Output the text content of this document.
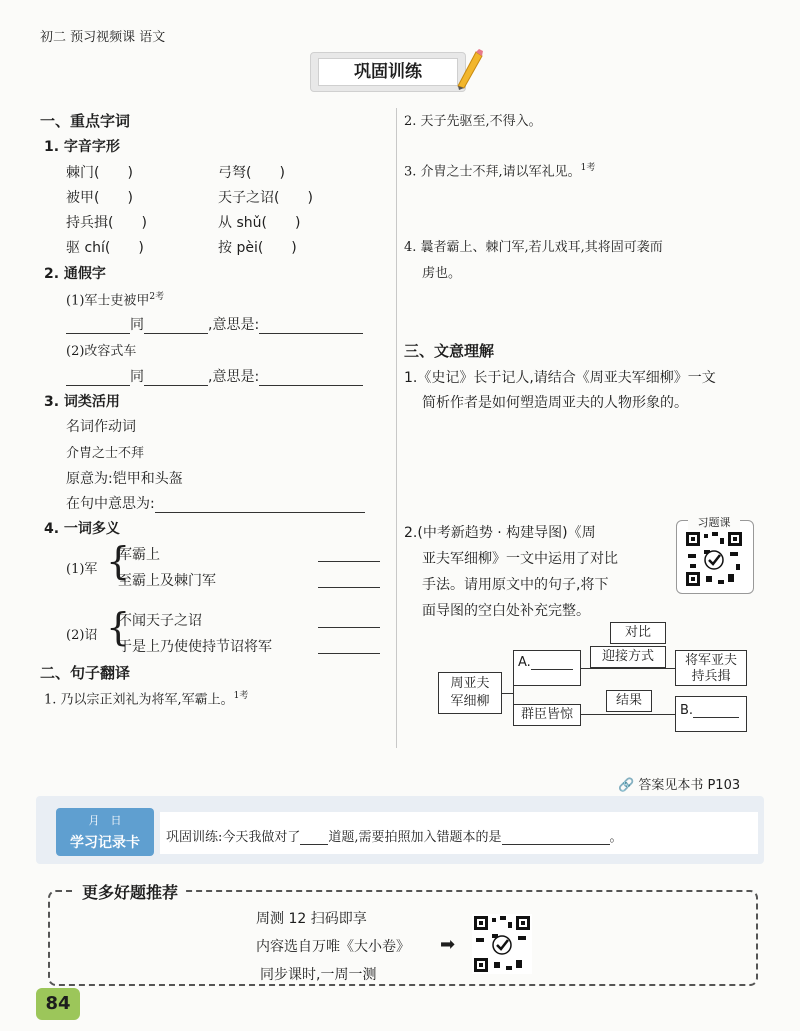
初二 预习视频课 语文
巩固训练
一、重点字词
1. 字音字形
棘门(　　)	弓弩(　　)
被甲(　　)	天子之诏(　　)
持兵揖(　　)	从 shǔ(　　)
驱 chí(　　)	按 pèi(　　)
2. 通假字
(1)军士吏被甲$^{2考}$
同	,意思是:
(2)改容式车
同	,意思是:
3. 词类活用
名词作动词
介胄之士不拜
原意为:铠甲和头盔
在句中意思为:
4. 一词多义
(1)军 {
军霸上
至霸上及棘门军
(2)诏 {
不闻天子之诏
于是上乃使使持节诏将军
二、句子翻译
1. 乃以宗正刘礼为将军,军霸上。$^{1考}$
2. 天子先驱至,不得入。
3. 介胄之士不拜,请以军礼见。$^{1考}$
4. 曩者霸上、棘门军,若儿戏耳,其将固可袭而
虏也。
三、文意理解
1.《史记》长于记人,请结合《周亚夫军细柳》一文
简析作者是如何塑造周亚夫的人物形象的。
2.(中考新趋势 · 构建导图)《周
亚夫军细柳》一文中运用了对比
手法。请用原文中的句子,将下
面导图的空白处补充完整。
习题课
周亚夫
军细柳
A.
对比
迎接方式	将军亚夫
持兵揖
群臣皆惊
结果
B.
🔗 答案见本书 P103
月　日
学习记录卡	巩固训练:今天我做对了 道题,需要拍照加入错题本的是	。
更多好题推荐
周测 12 扫码即享
内容选自万唯《大小卷》
同步课时,一周一测
➡
84
